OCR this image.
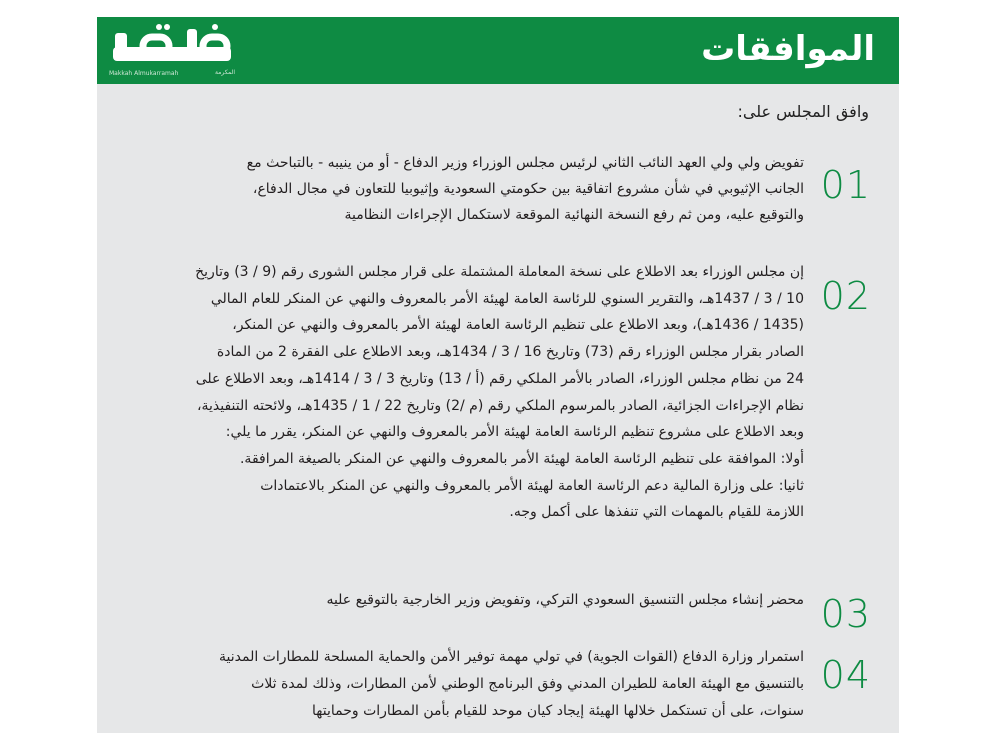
Makkah Almukarramah	المكرمة
الموافقات
وافق المجلس على:
01
تفويض ولي ولي العهد النائب الثاني لرئيس مجلس الوزراء وزير الدفاع - أو من ينيبه - بالتباحث مع
الجانب الإثيوبي في شأن مشروع اتفاقية بين حكومتي السعودية وإثيوبيا للتعاون في مجال الدفاع،
والتوقيع عليه، ومن ثم رفع النسخة النهائية الموقعة لاستكمال الإجراءات النظامية
02
إن مجلس الوزراء بعد الاطلاع على نسخة المعاملة المشتملة على قرار مجلس الشورى رقم (9 / 3) وتاريخ
10 / 3 / 1437هـ، والتقرير السنوي للرئاسة العامة لهيئة الأمر بالمعروف والنهي عن المنكر للعام المالي
(1435 / 1436هـ)، وبعد الاطلاع على تنظيم الرئاسة العامة لهيئة الأمر بالمعروف والنهي عن المنكر،
الصادر بقرار مجلس الوزراء رقم (73) وتاريخ 16 / 3 / 1434هـ، وبعد الاطلاع على الفقرة 2 من المادة
24 من نظام مجلس الوزراء، الصادر بالأمر الملكي رقم (أ / 13) وتاريخ 3 / 3 / 1414هـ، وبعد الاطلاع على
نظام الإجراءات الجزائية، الصادر بالمرسوم الملكي رقم (م /2) وتاريخ 22 / 1 / 1435هـ، ولائحته التنفيذية،
وبعد الاطلاع على مشروع تنظيم الرئاسة العامة لهيئة الأمر بالمعروف والنهي عن المنكر، يقرر ما يلي:
أولا: الموافقة على تنظيم الرئاسة العامة لهيئة الأمر بالمعروف والنهي عن المنكر بالصيغة المرافقة.
ثانيا: على وزارة المالية دعم الرئاسة العامة لهيئة الأمر بالمعروف والنهي عن المنكر بالاعتمادات
اللازمة للقيام بالمهمات التي تنفذها على أكمل وجه.
03
محضر إنشاء مجلس التنسيق السعودي التركي، وتفويض وزير الخارجية بالتوقيع عليه
04
استمرار وزارة الدفاع (القوات الجوية) في تولي مهمة توفير الأمن والحماية المسلحة للمطارات المدنية
بالتنسيق مع الهيئة العامة للطيران المدني وفق البرنامج الوطني لأمن المطارات، وذلك لمدة ثلاث
سنوات، على أن تستكمل خلالها الهيئة إيجاد كيان موحد للقيام بأمن المطارات وحمايتها
